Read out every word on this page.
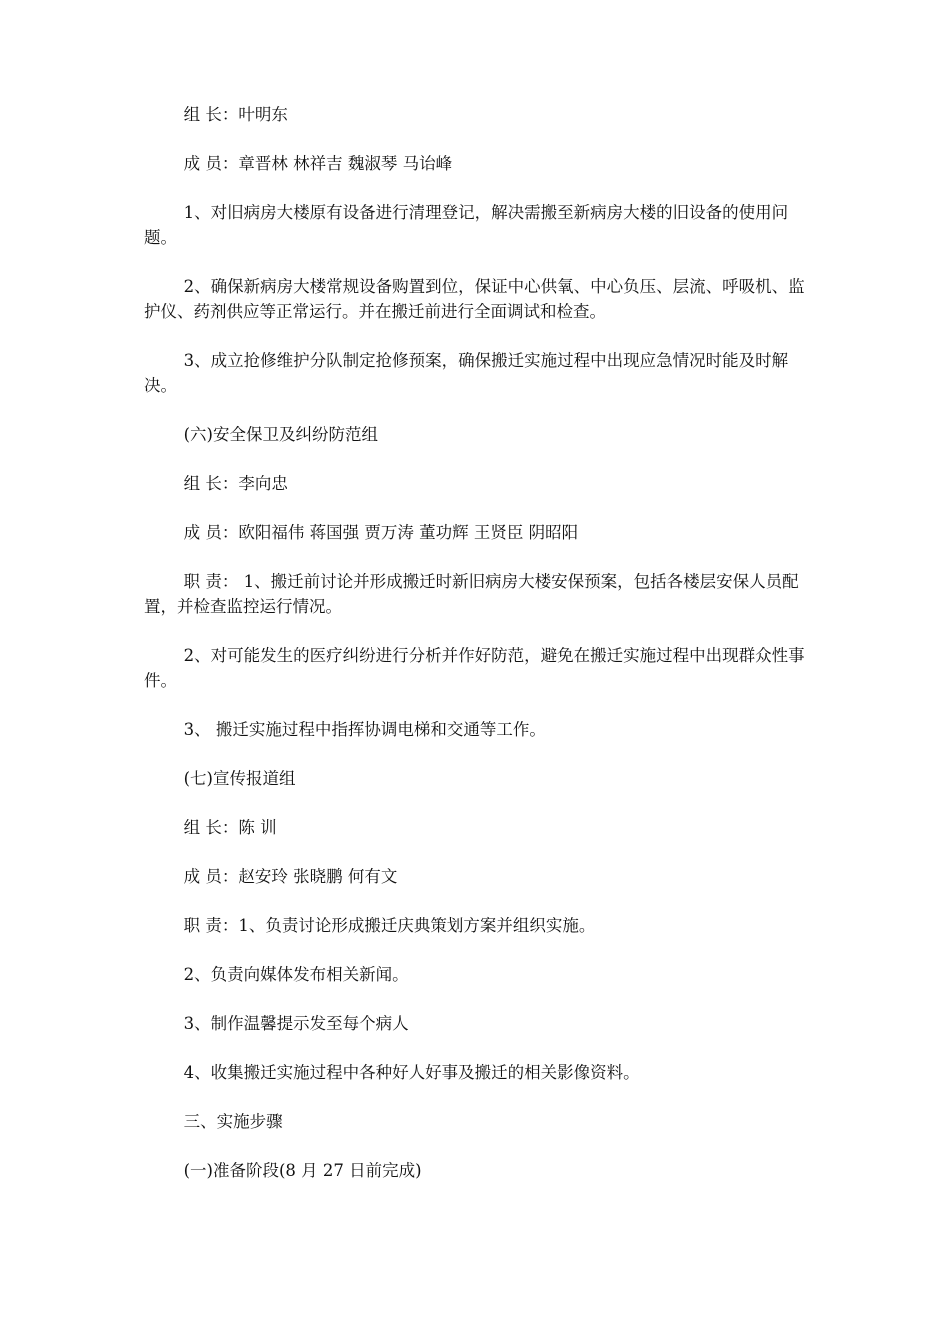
组 长：叶明东

成 员：章晋林 林祥吉 魏淑琴 马诒峰

1、对旧病房大楼原有设备进行清理登记，解决需搬至新病房大楼的旧设备的使用问题。

2、确保新病房大楼常规设备购置到位，保证中心供氧、中心负压、层流、呼吸机、监护仪、药剂供应等正常运行。并在搬迁前进行全面调试和检查。

3、成立抢修维护分队制定抢修预案，确保搬迁实施过程中出现应急情况时能及时解决。

(六)安全保卫及纠纷防范组

组 长：李向忠

成 员：欧阳福伟 蒋国强 贾万涛 董功辉 王贤臣 阴昭阳

职 责： 1、搬迁前讨论并形成搬迁时新旧病房大楼安保预案，包括各楼层安保人员配置，并检查监控运行情况。

2、对可能发生的医疗纠纷进行分析并作好防范，避免在搬迁实施过程中出现群众性事件。

3、 搬迁实施过程中指挥协调电梯和交通等工作。

(七)宣传报道组

组 长：陈 训

成 员：赵安玲 张晓鹏 何有文

职 责：1、负责讨论形成搬迁庆典策划方案并组织实施。

2、负责向媒体发布相关新闻。

3、制作温馨提示发至每个病人

4、收集搬迁实施过程中各种好人好事及搬迁的相关影像资料。

三、实施步骤

(一)准备阶段(8 月 27 日前完成)
